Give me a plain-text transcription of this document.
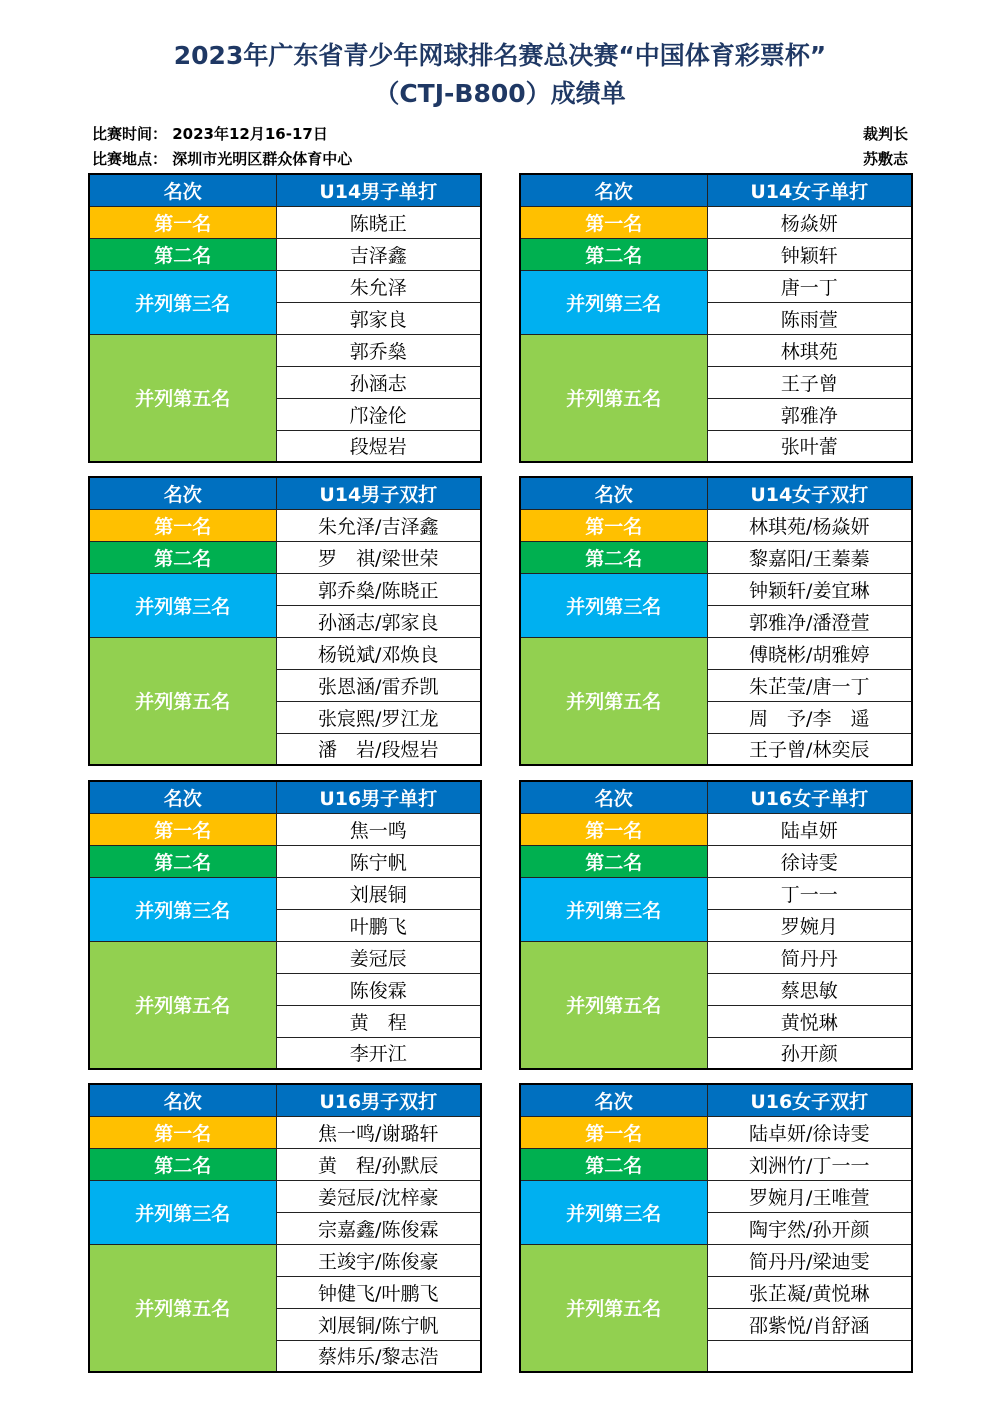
2023年广东省青少年网球排名赛总决赛“中国体育彩票杯”
（CTJ-B800）成绩单
比赛时间： 2023年12月16-17日
比赛地点： 深圳市光明区群众体育中心
裁判长
苏敷志
名次	U14男子单打
第一名	陈晓正
第二名	吉泽鑫
并列第三名	朱允泽
	郭家良
并列第五名	郭乔燊
	孙涵志
	邝淦伦
	段煜岩
名次	U14女子单打
第一名	杨焱妍
第二名	钟颖轩
并列第三名	唐一丁
	陈雨萱
并列第五名	林琪苑
	王子曾
	郭雅净
	张叶蕾
名次	U14男子双打
第一名	朱允泽/吉泽鑫
第二名	罗　祺/梁世荣
并列第三名	郭乔燊/陈晓正
	孙涵志/郭家良
并列第五名	杨锐斌/邓焕良
	张恩涵/雷乔凯
	张宸熙/罗江龙
	潘　岩/段煜岩
名次	U14女子双打
第一名	林琪苑/杨焱妍
第二名	黎嘉阳/王蓁蓁
并列第三名	钟颖轩/姜宜琳
	郭雅净/潘澄萱
并列第五名	傅晓彬/胡雅婷
	朱芷莹/唐一丁
	周　予/李　遥
	王子曾/林奕辰
名次	U16男子单打
第一名	焦一鸣
第二名	陈宁帆
并列第三名	刘展铜
	叶鹏飞
并列第五名	姜冠辰
	陈俊霖
	黄　程
	李开江
名次	U16女子单打
第一名	陆卓妍
第二名	徐诗雯
并列第三名	丁一一
	罗婉月
并列第五名	简丹丹
	蔡思敏
	黄悦琳
	孙开颜
名次	U16男子双打
第一名	焦一鸣/谢璐轩
第二名	黄　程/孙默辰
并列第三名	姜冠辰/沈梓豪
	宗嘉鑫/陈俊霖
并列第五名	王竣宇/陈俊豪
	钟健飞/叶鹏飞
	刘展铜/陈宁帆
	蔡炜乐/黎志浩
名次	U16女子双打
第一名	陆卓妍/徐诗雯
第二名	刘洲竹/丁一一
并列第三名	罗婉月/王唯萱
	陶宇然/孙开颜
并列第五名	简丹丹/梁迪雯
	张芷凝/黄悦琳
	邵紫悦/肖舒涵
